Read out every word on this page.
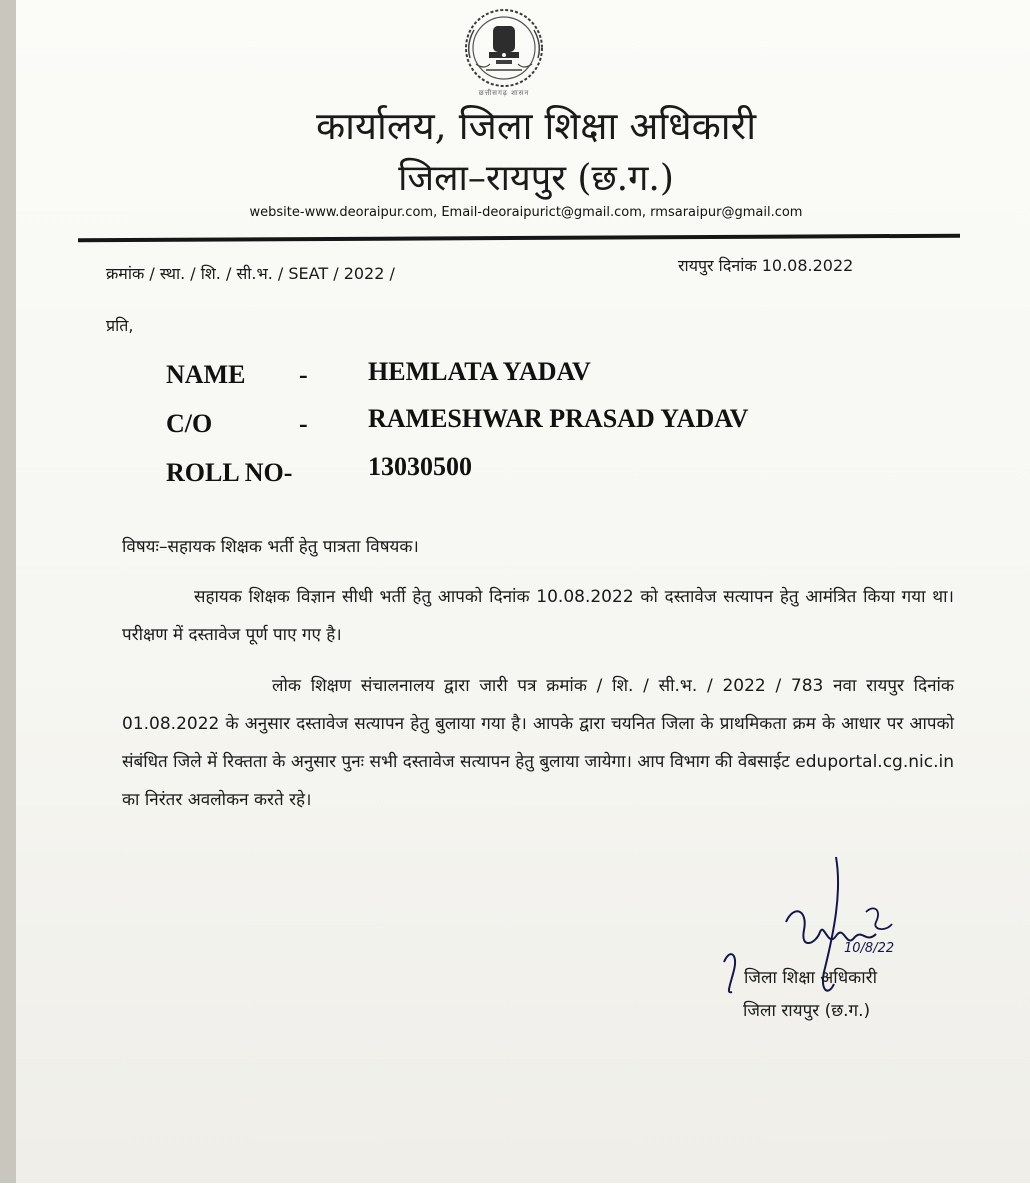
छत्तीसगढ़ शासन
कार्यालय, जिला शिक्षा अधिकारी
जिला–रायपुर (छ.ग.)
website-www.deoraipur.com, Email-deoraipurict@gmail.com, rmsaraipur@gmail.com
क्रमांक / स्था. / शि. / सी.भ. / SEAT / 2022 /	रायपुर दिनांक 10.08.2022
प्रति,
NAME - HEMLATA YADAV
C/O	- RAMESHWAR PRASAD YADAV
ROLL NO-	13030500
विषयः–सहायक शिक्षक भर्ती हेतु पात्रता विषयक।
सहायक शिक्षक विज्ञान सीधी भर्ती हेतु आपको दिनांक 10.08.2022 को दस्तावेज सत्यापन हेतु आमंत्रित किया गया था। परीक्षण में दस्तावेज पूर्ण पाए गए है।
लोक शिक्षण संचालनालय द्वारा जारी पत्र क्रमांक / शि. / सी.भ. / 2022 / 783 नवा रायपुर दिनांक 01.08.2022 के अनुसार दस्तावेज सत्यापन हेतु बुलाया गया है। आपके द्वारा चयनित जिला के प्राथमिकता क्रम के आधार पर आपको संबंधित जिले में रिक्तता के अनुसार पुनः सभी दस्तावेज सत्यापन हेतु बुलाया जायेगा। आप विभाग की वेबसाईट eduportal.cg.nic.in का निरंतर अवलोकन करते रहे।
10/8/22
जिला शिक्षा अधिकारी
जिला रायपुर (छ.ग.)
